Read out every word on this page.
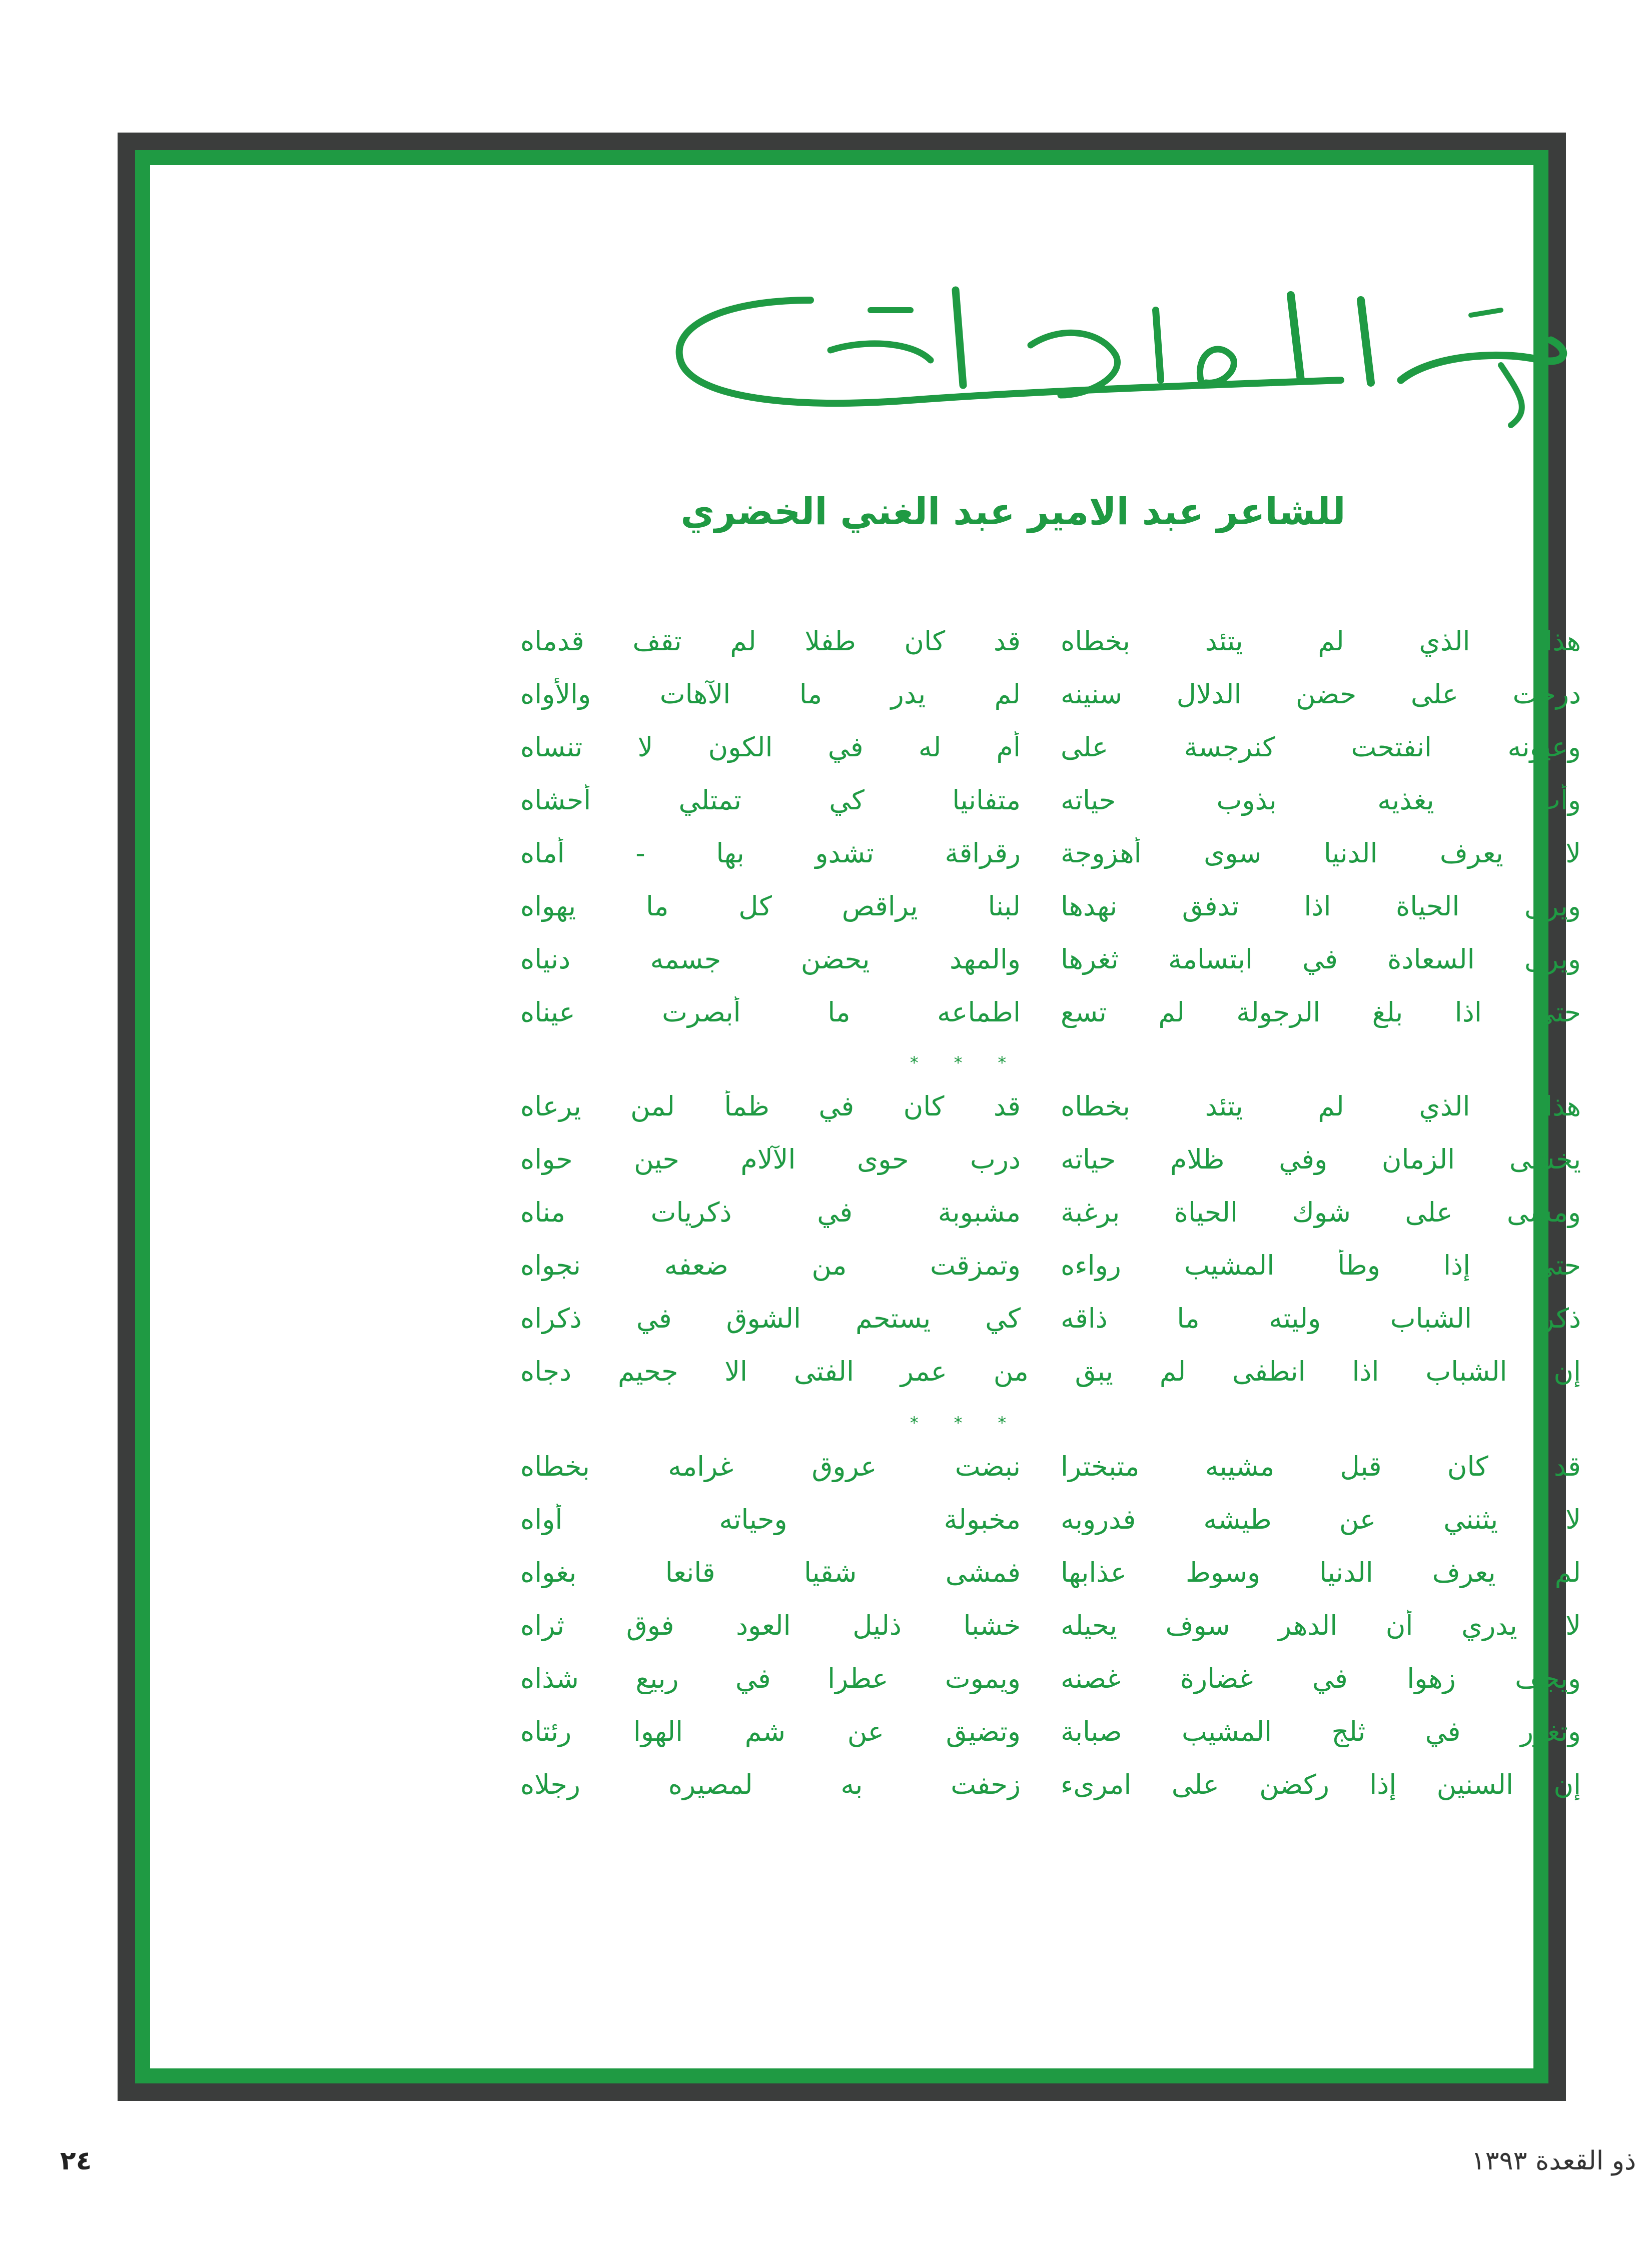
للشاعر عبد الامير عبد الغني الخضري
هذا الذي لم يتئد بخطاه
قد كان طفلا لم تقف قدماه
درجت على حضن الدلال سنينه
لم يدر ما الآهات والأواه
وعيونه انفتحت كنرجسة على
أم له في الكون لا تنساه
وأب يغذيه بذوب حياته
متفانيا كي تمتلي أحشاه
لا يعرف الدنيا سوى أهزوجة
رقراقة تشدو بها - أماه
ويرى الحياة اذا تدفق نهدها
لبنا يراقص كل ما يهواه
ويرى السعادة في ابتسامة ثغرها
والمهد يحضن جسمه دنياه
حتى اذا بلغ الرجولة لم تسع
اطماعه ما أبصرت عيناه
* * *
هذا الذي لم يتئد بخطاه
قد كان في ظمأ لمن يرعاه
يخشى الزمان وفي ظلام حياته
درب حوى الآلام حين حواه
ومشى على شوك الحياة برغبة
مشبوبة في ذكريات مناه
حتى إذا وطأ المشيب رواءه
وتمزقت من ضعفه نجواه
ذكر الشباب وليته ما ذاقه
كي يستحم الشوق في ذكراه
إن الشباب اذا انطفى لم يبق من عمر الفتى الا جحيم دجاه
* * *
قد كان قبل مشيبه متبخترا
نبضت عروق غرامه بخطاه
لا يثنني عن طيشه فدروبه
مخبولة وحياته أواه
لم يعرف الدنيا وسوط عذابها
فمشى شقيا قانعا بغواه
لا يدري أن الدهر سوف يحيله
خشبا ذليل العود فوق ثراه
ويجف زهوا في غضارة غصنه
ويموت عطرا في ربيع شذاه
وتغور في ثلج المشيب صبابة
وتضيق عن شم الهوا رئتاه
إن السنين إذا ركضن على امرىء
زحفت به لمصيره رجلاه
٢٤	ذو القعدة ١٣٩٣
